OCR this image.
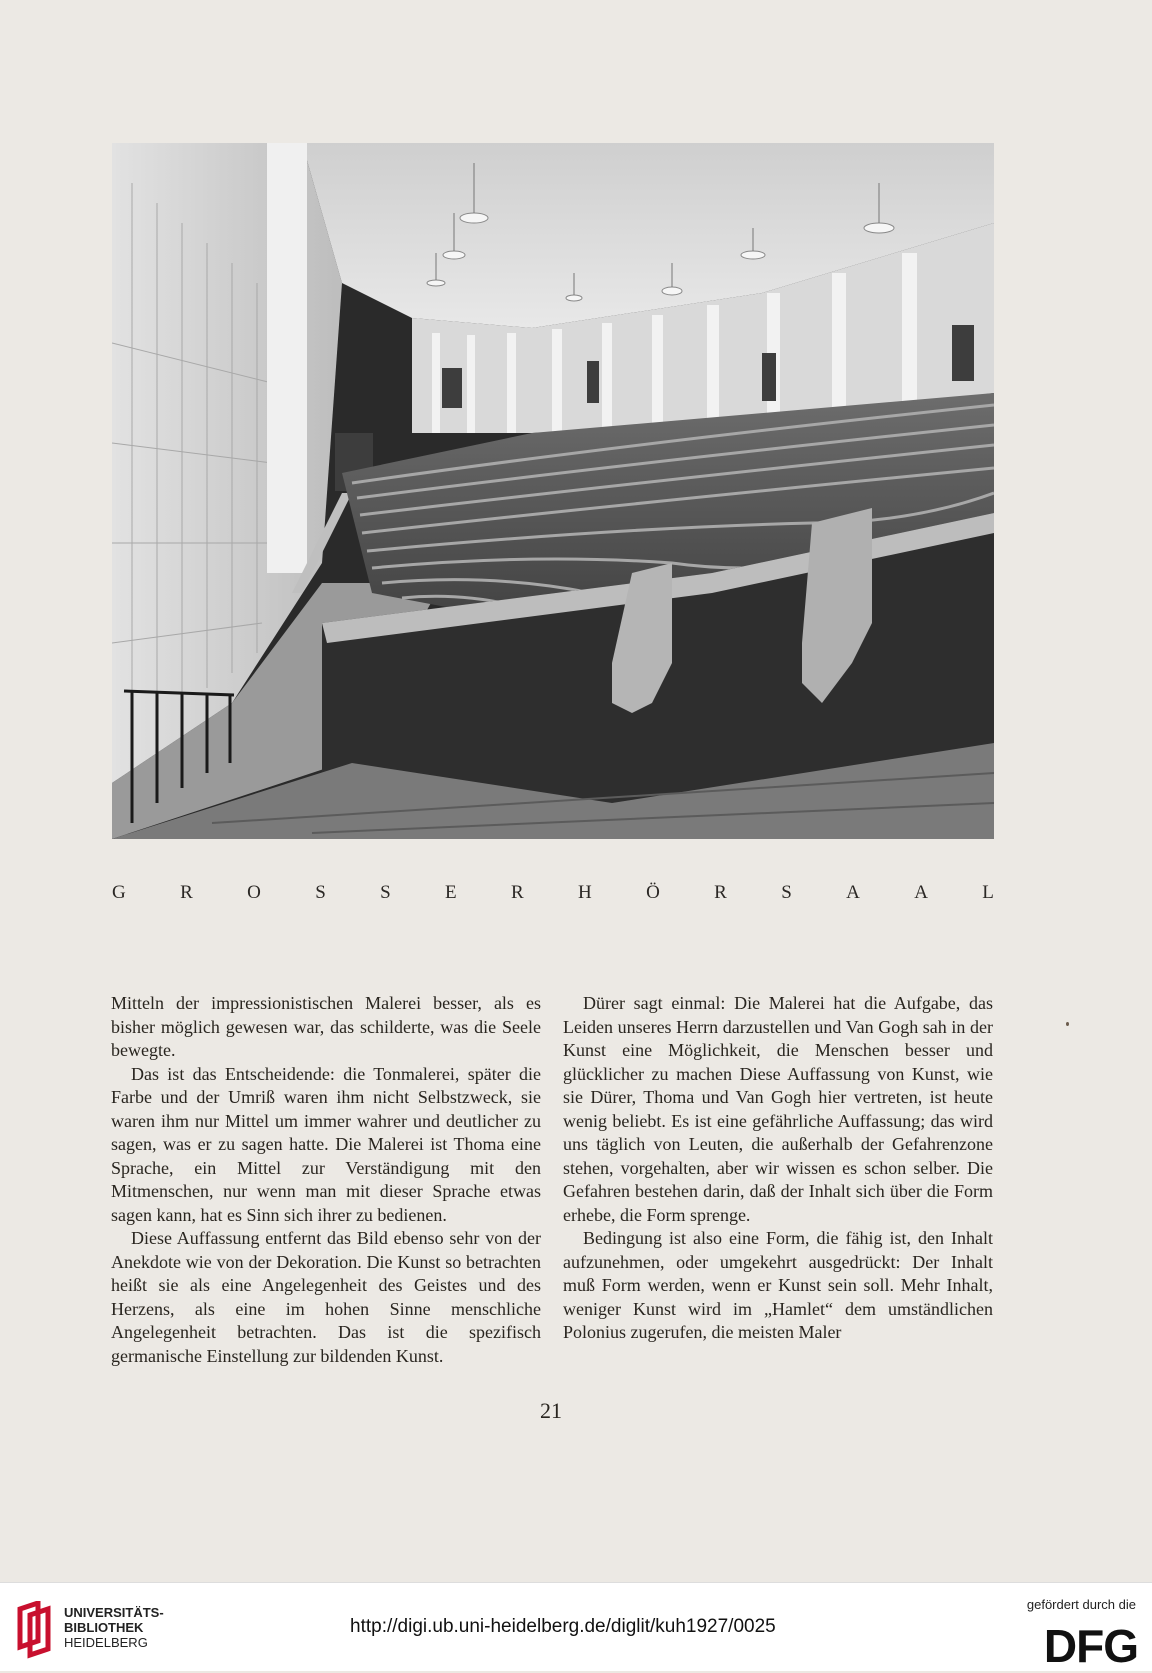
G	R	O	S	S	E	R	H	Ö	R	S	A	A	L

Mitteln der impressionistischen Malerei besser, als es bisher möglich gewesen war, das schilderte, was die Seele bewegte.

Das ist das Entscheidende: die Tonmalerei, später die Farbe und der Umriß waren ihm nicht Selbstzweck, sie waren ihm nur Mittel um immer wahrer und deutlicher zu sagen, was er zu sagen hatte. Die Malerei ist Thoma eine Sprache, ein Mittel zur Verständigung mit den Mitmenschen, nur wenn man mit dieser Sprache etwas sagen kann, hat es Sinn sich ihrer zu bedienen.

Diese Auffassung entfernt das Bild ebenso sehr von der Anekdote wie von der Dekoration. Die Kunst so betrachten heißt sie als eine Angelegenheit des Geistes und des Herzens, als eine im hohen Sinne menschliche Angelegenheit betrachten. Das ist die spezifisch germanische Einstellung zur bildenden Kunst.

Dürer sagt einmal: Die Malerei hat die Aufgabe, das Leiden unseres Herrn darzustellen und Van Gogh sah in der Kunst eine Möglichkeit, die Menschen besser und glücklicher zu machen Diese Auffassung von Kunst, wie sie Dürer, Thoma und Van Gogh hier vertreten, ist heute wenig beliebt. Es ist eine gefährliche Auffassung; das wird uns täglich von Leuten, die außerhalb der Gefahrenzone stehen, vorgehalten, aber wir wissen es schon selber. Die Gefahren bestehen darin, daß der Inhalt sich über die Form erhebe, die Form sprenge.

Bedingung ist also eine Form, die fähig ist, den Inhalt aufzunehmen, oder umgekehrt ausgedrückt: Der Inhalt muß Form werden, wenn er Kunst sein soll. Mehr Inhalt, weniger Kunst wird im „Hamlet“ dem umständlichen Polonius zugerufen, die meisten Maler

21
UNIVERSITÄTS-
BIBLIOTHEK
HEIDELBERG
http://digi.ub.uni-heidelberg.de/diglit/kuh1927/0025
gefördert durch die
DFG
